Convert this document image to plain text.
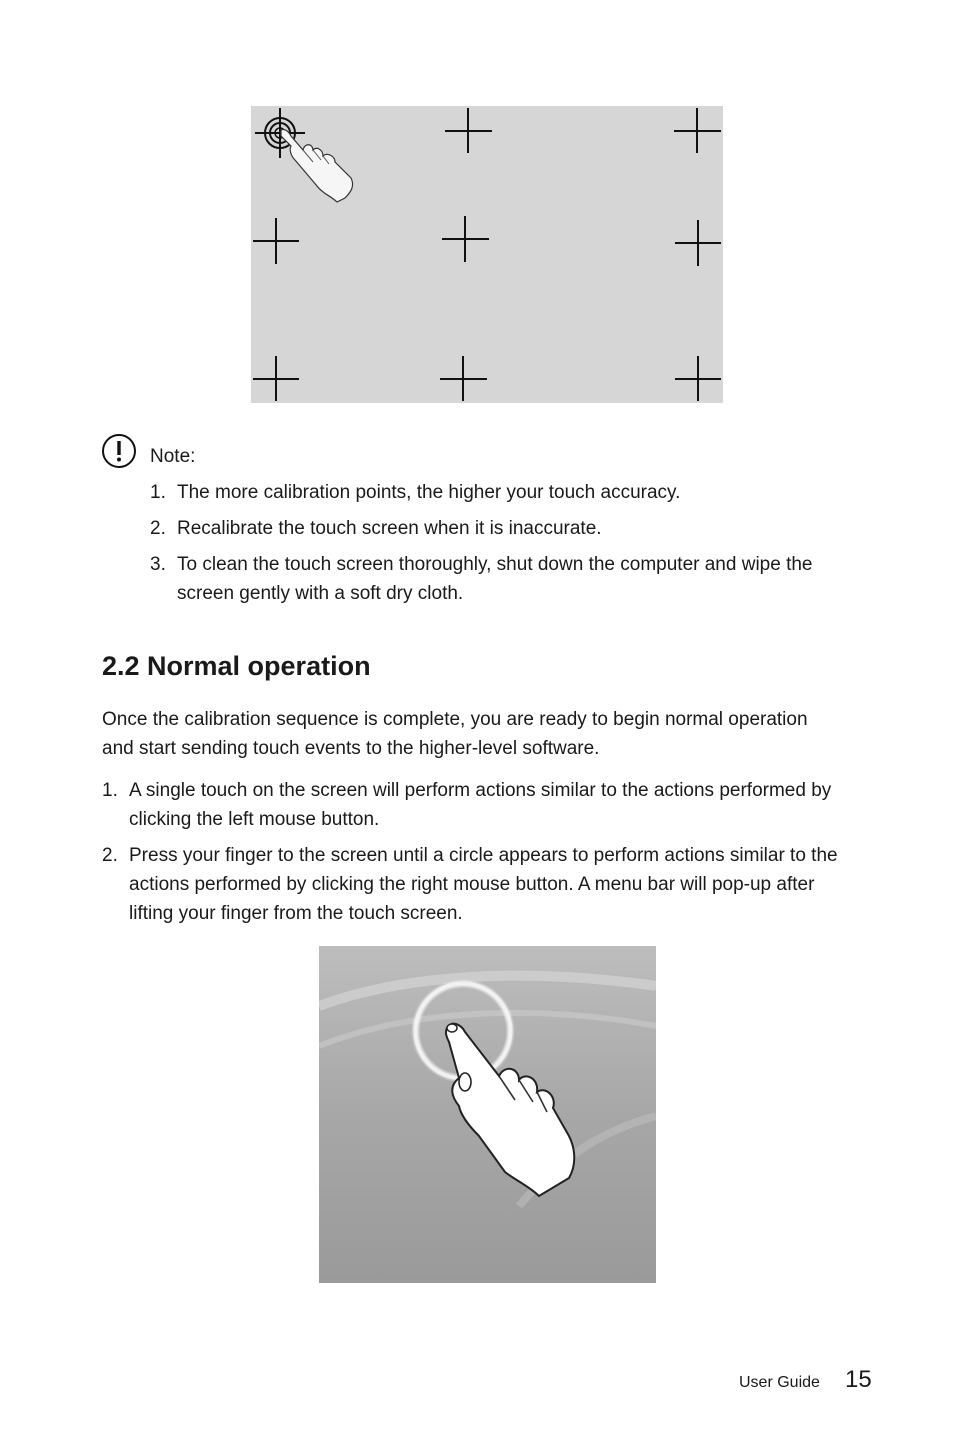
Note:
1. The more calibration points, the higher your touch accuracy.
2. Recalibrate the touch screen when it is inaccurate.
3. To clean the touch screen thoroughly, shut down the computer and wipe the screen gently with a soft dry cloth.
2.2 Normal operation
Once the calibration sequence is complete, you are ready to begin normal operation and start sending touch events to the higher-level software.
1. A single touch on the screen will perform actions similar to the actions performed by clicking the left mouse button.
2. Press your finger to the screen until a circle appears to perform actions similar to the actions performed by clicking the right mouse button. A menu bar will pop-up after lifting your finger from the touch screen.
User Guide 15
